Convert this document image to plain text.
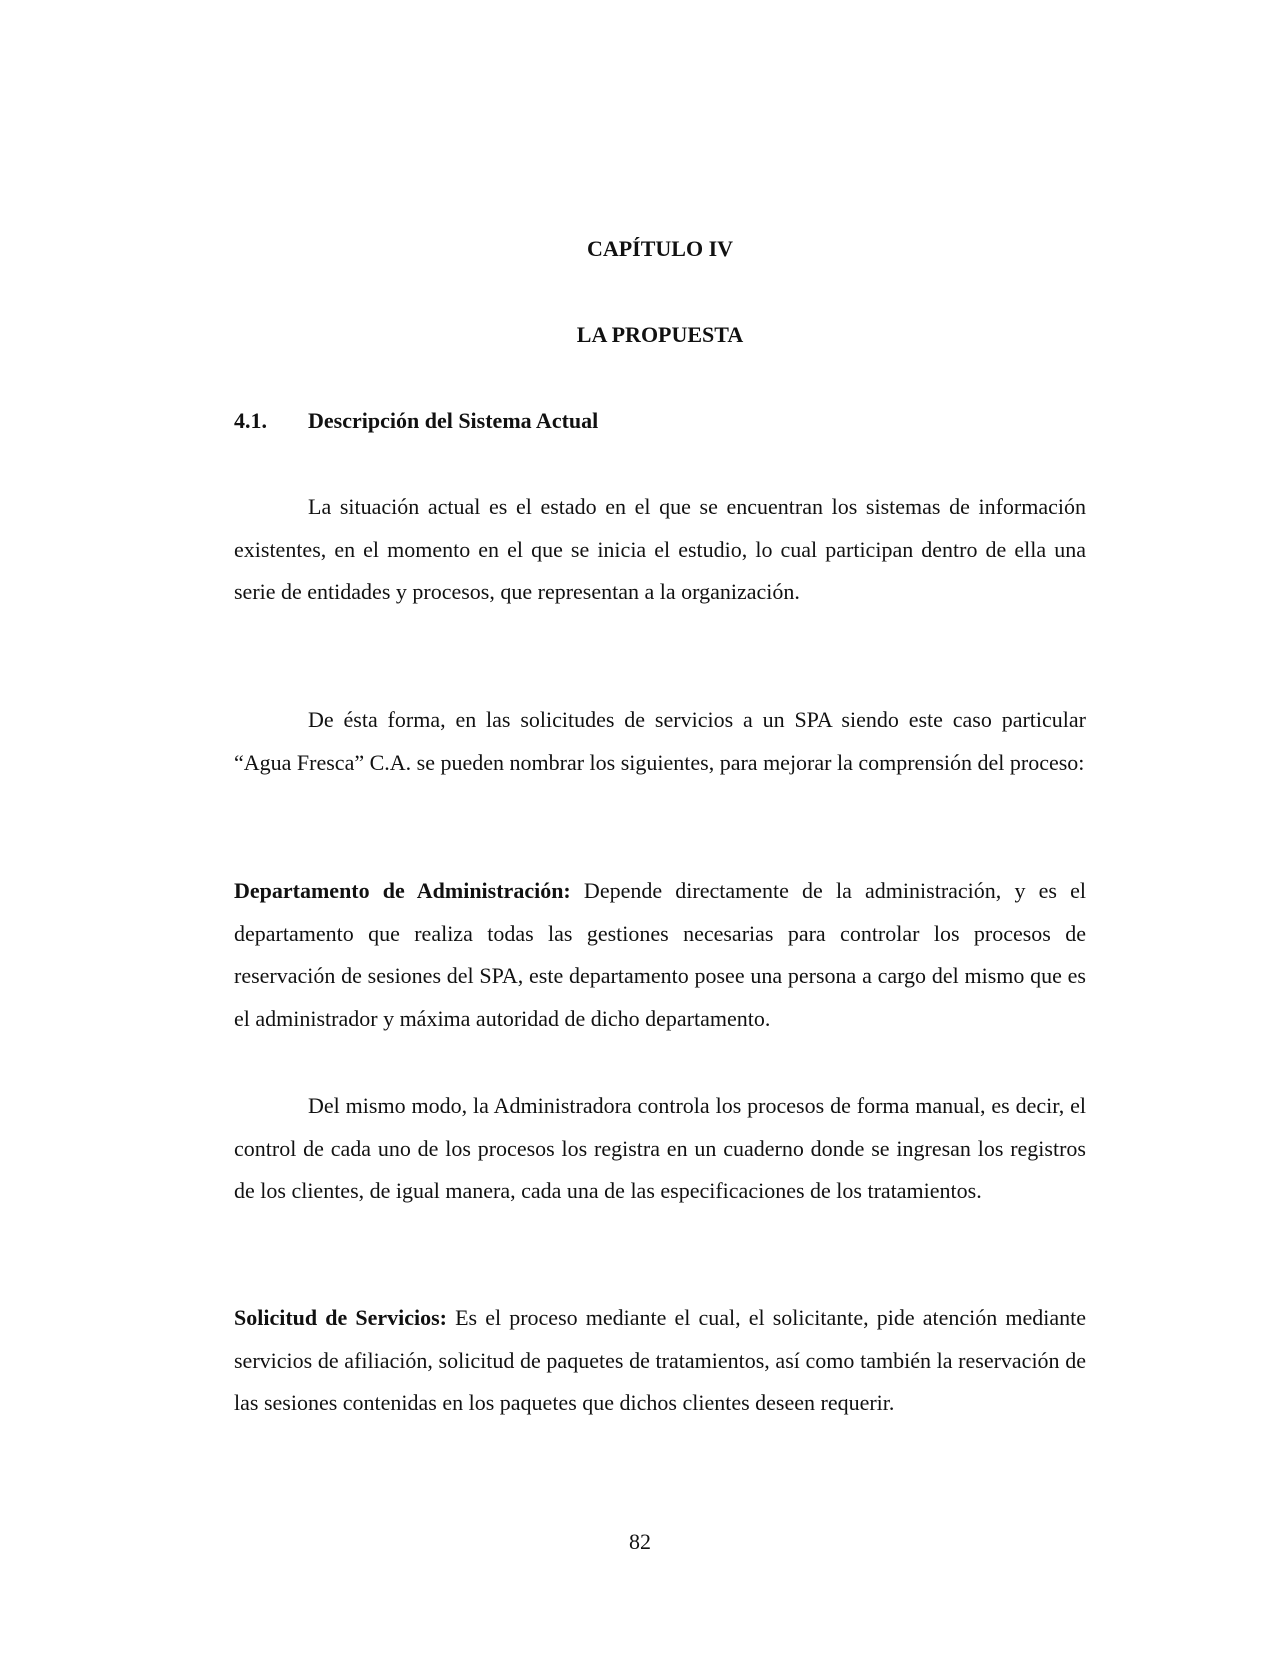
CAPÍTULO IV
LA PROPUESTA
4.1. Descripción del Sistema Actual

La situación actual es el estado en el que se encuentran los sistemas de información existentes, en el momento en el que se inicia el estudio, lo cual participan dentro de ella una serie de entidades y procesos, que representan a la organización.

De ésta forma, en las solicitudes de servicios a un SPA siendo este caso particular “Agua Fresca” C.A. se pueden nombrar los siguientes, para mejorar la comprensión del proceso:

Departamento de Administración: Depende directamente de la administración, y es el departamento que realiza todas las gestiones necesarias para controlar los procesos de reservación de sesiones del SPA, este departamento posee una persona a cargo del mismo que es el administrador y máxima autoridad de dicho departamento.

Del mismo modo, la Administradora controla los procesos de forma manual, es decir, el control de cada uno de los procesos los registra en un cuaderno donde se ingresan los registros de los clientes, de igual manera, cada una de las especificaciones de los tratamientos.

Solicitud de Servicios: Es el proceso mediante el cual, el solicitante, pide atención mediante servicios de afiliación, solicitud de paquetes de tratamientos, así como también la reservación de las sesiones contenidas en los paquetes que dichos clientes deseen requerir.

82
